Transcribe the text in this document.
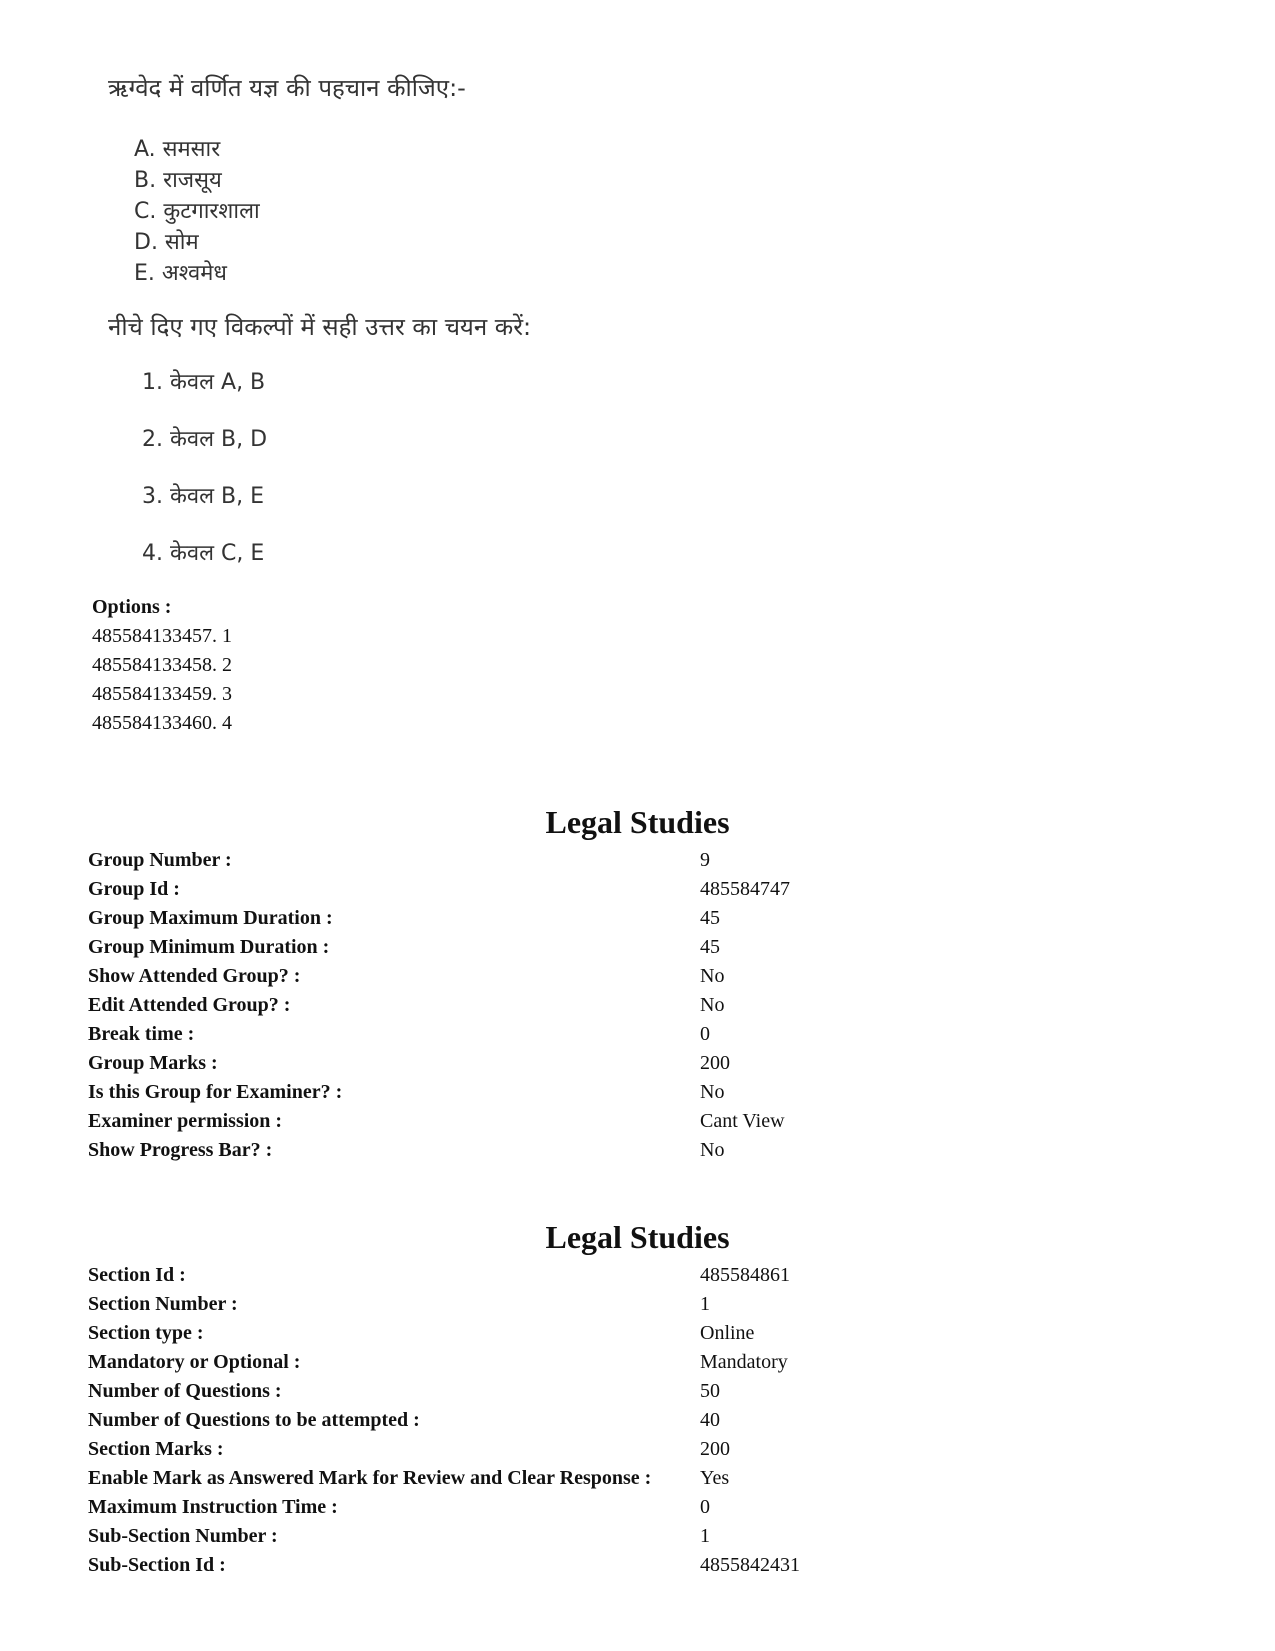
ऋग्वेद में वर्णित यज्ञ की पहचान कीजिए:-
A. समसार
B. राजसूय
C. कुटगारशाला
D. सोम
E. अश्वमेध
नीचे दिए गए विकल्पों में सही उत्तर का चयन करें:
1. केवल A, B
2. केवल B, D
3. केवल B, E
4. केवल C, E
Options :
485584133457. 1
485584133458. 2
485584133459. 3
485584133460. 4
Legal Studies
Group Number :	9
Group Id :	485584747
Group Maximum Duration :	45
Group Minimum Duration :	45
Show Attended Group? :	No
Edit Attended Group? :	No
Break time :	0
Group Marks :	200
Is this Group for Examiner? :	No
Examiner permission :	Cant View
Show Progress Bar? :	No
Legal Studies
Section Id :	485584861
Section Number :	1
Section type :	Online
Mandatory or Optional :	Mandatory
Number of Questions :	50
Number of Questions to be attempted :	40
Section Marks :	200
Enable Mark as Answered Mark for Review and Clear Response : Yes
Maximum Instruction Time :	0
Sub-Section Number :	1
Sub-Section Id :	4855842431
